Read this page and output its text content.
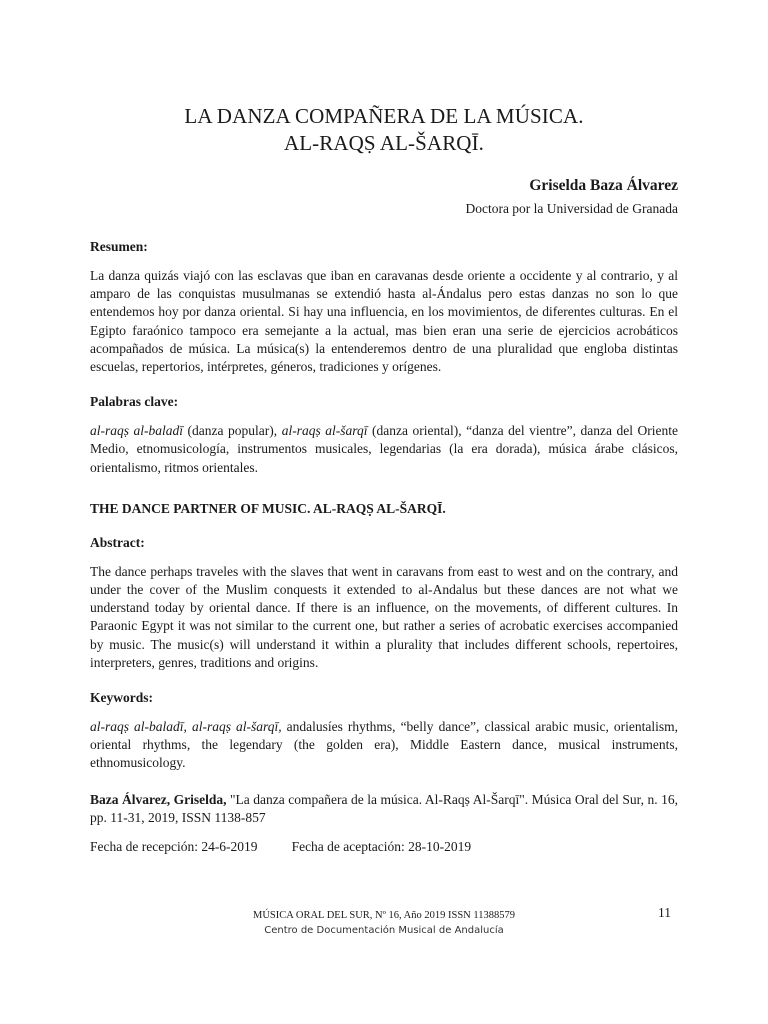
LA DANZA COMPAÑERA DE LA MÚSICA.
AL-RAQṢ AL-ŠARQĪ.
Griselda Baza Álvarez
Doctora por la Universidad de Granada
Resumen:
La danza quizás viajó con las esclavas que iban en caravanas desde oriente a occidente y al contrario, y al amparo de las conquistas musulmanas se extendió hasta al-Ándalus pero estas danzas no son lo que entendemos hoy por danza oriental. Si hay una influencia, en los movimientos, de diferentes culturas. En el Egipto faraónico tampoco era semejante a la actual, mas bien eran una serie de ejercicios acrobáticos acompañados de música. La música(s) la entenderemos dentro de una pluralidad que engloba distintas escuelas, repertorios, intérpretes, géneros, tradiciones y orígenes.
Palabras clave:
al-raqṣ al-baladī (danza popular), al-raqṣ al-šarqī (danza oriental), “danza del vientre”, danza del Oriente Medio, etnomusicología, instrumentos musicales, legendarias (la era dorada), música árabe clásicos, orientalismo, ritmos orientales.
THE DANCE PARTNER OF MUSIC. AL-RAQṢ AL-ŠARQĪ.
Abstract:
The dance perhaps traveles with the slaves that went in caravans from east to west and on the contrary, and under the cover of the Muslim conquests it extended to al-Andalus but these dances are not what we understand today by oriental dance. If there is an influence, on the movements, of different cultures. In Paraonic Egypt it was not similar to the current one, but rather a series of acrobatic exercises accompanied by music. The music(s) will understand it within a plurality that includes different schools, repertoires, interpreters, genres, traditions and origins.
Keywords:
al-raqṣ al-baladī, al-raqṣ al-šarqī, andalusíes rhythms, “belly dance”, classical arabic music, orientalism, oriental rhythms, the legendary (the golden era), Middle Eastern dance, musical instruments, ethnomusicology.
Baza Álvarez, Griselda, "La danza compañera de la música. Al-Raqṣ Al-Šarqī". Música Oral del Sur, n. 16, pp. 11-31, 2019, ISSN 1138-857
Fecha de recepción: 24-6-2019	Fecha de aceptación: 28-10-2019
MÚSICA ORAL DEL SUR, Nº 16, Año 2019 ISSN 11388579
Centro de Documentación Musical de Andalucía
11
